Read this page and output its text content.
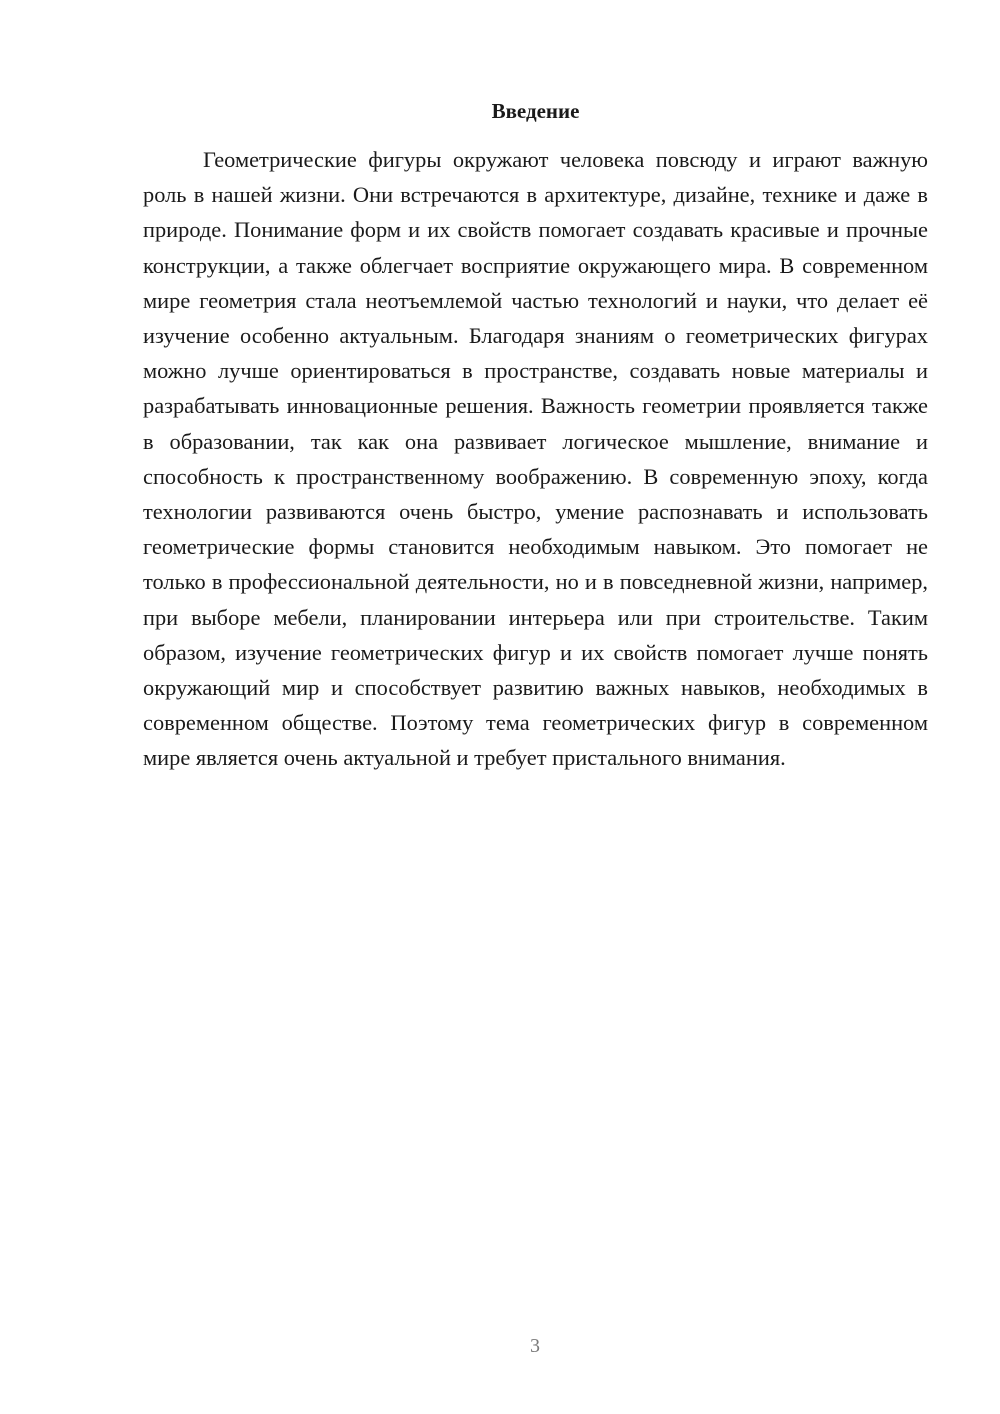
Введение

Геометрические фигуры окружают человека повсюду и играют важную роль в нашей жизни. Они встречаются в архитектуре, дизайне, технике и даже в природе. Понимание форм и их свойств помогает создавать красивые и прочные конструкции, а также облегчает восприятие окружающего мира. В современном мире геометрия стала неотъемлемой частью технологий и науки, что делает её изучение особенно актуальным. Благодаря знаниям о геометрических фигурах можно лучше ориентироваться в пространстве, создавать новые материалы и разрабатывать инновационные решения. Важность геометрии проявляется также в образовании, так как она развивает логическое мышление, внимание и способность к пространственному воображению. В современную эпоху, когда технологии развиваются очень быстро, умение распознавать и использовать геометрические формы становится необходимым навыком. Это помогает не только в профессиональной деятельности, но и в повседневной жизни, например, при выборе мебели, планировании интерьера или при строительстве. Таким образом, изучение геометрических фигур и их свойств помогает лучше понять окружающий мир и способствует развитию важных навыков, необходимых в современном обществе. Поэтому тема геометрических фигур в современном мире является очень актуальной и требует пристального внимания.

3
